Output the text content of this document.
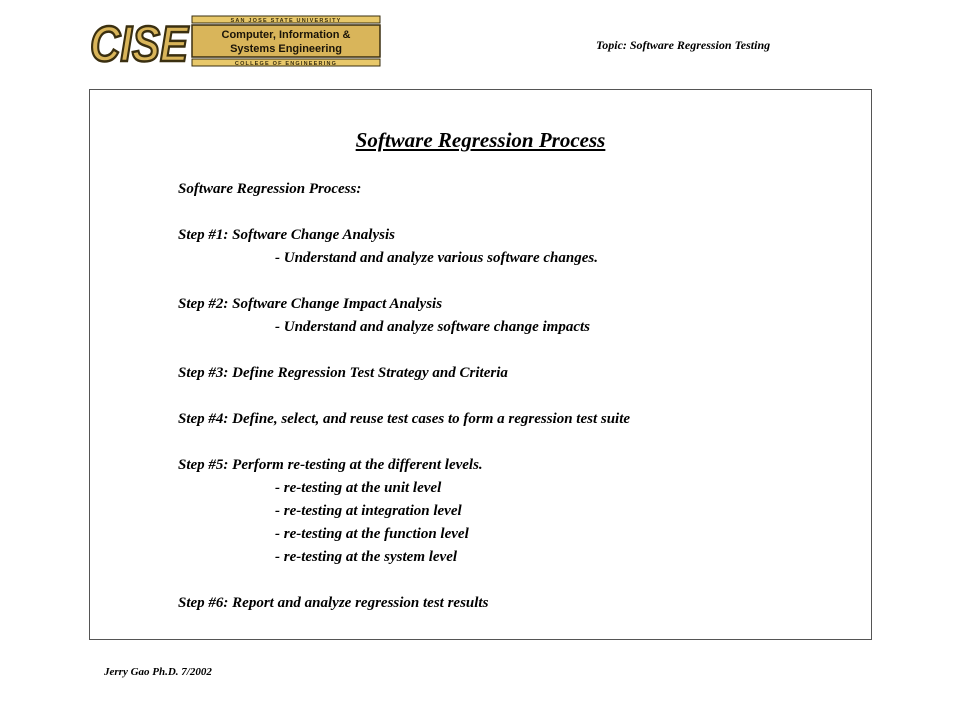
CISE	SAN JOSE STATE UNIVERSITY
Computer, Information &
Systems Engineering
COLLEGE OF ENGINEERING
Topic: Software Regression Testing
Software Regression Process
Software Regression Process:
Step #1: Software Change Analysis
- Understand and analyze various software changes.
Step #2: Software Change Impact Analysis
- Understand and analyze software change impacts
Step #3: Define Regression Test Strategy and Criteria
Step #4: Define, select, and reuse test cases to form a regression test suite
Step #5: Perform re-testing at the different levels.
- re-testing at the unit level
- re-testing at integration level
- re-testing at the function level
- re-testing at the system level
Step #6: Report and analyze regression test results
Jerry Gao Ph.D. 7/2002
